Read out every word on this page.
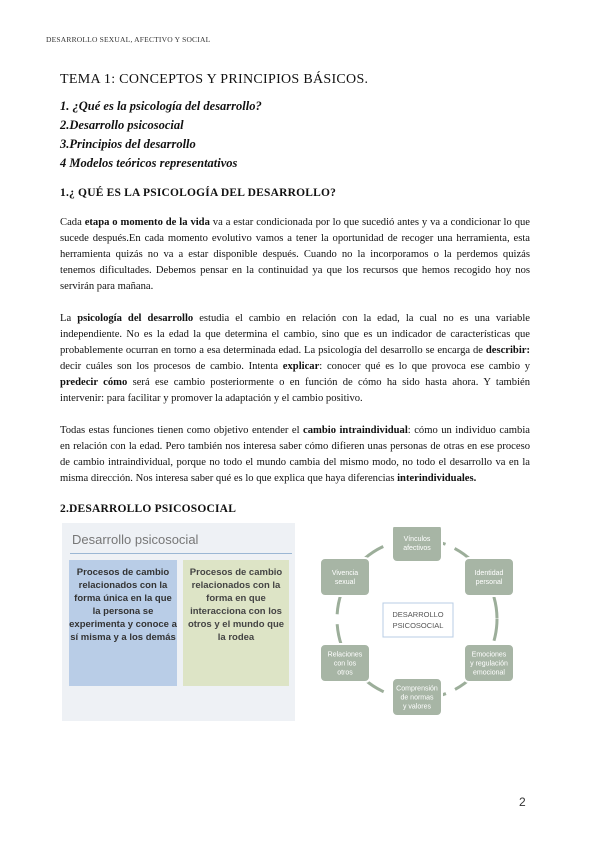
DESARROLLO SEXUAL, AFECTIVO Y SOCIAL
TEMA 1: CONCEPTOS Y PRINCIPIOS BÁSICOS.
1. ¿Qué es la psicología del desarrollo?
2.Desarrollo psicosocial
3.Principios del desarrollo
4 Modelos teóricos representativos
1.¿ QUÉ ES LA PSICOLOGÍA DEL DESARROLLO?

Cada etapa o momento de la vida va a estar condicionada por lo que sucedió antes y va a condicionar lo que sucede después.En cada momento evolutivo vamos a tener la oportunidad de recoger una herramienta, esta herramienta quizás no va a estar disponible después. Cuando no la incorporamos o la perdemos quizás tenemos dificultades. Debemos pensar en la continuidad ya que los recursos que hemos recogido hoy nos servirán para mañana.

La psicología del desarrollo estudia el cambio en relación con la edad, la cual no es una variable independiente. No es la edad la que determina el cambio, sino que es un indicador de características que probablemente ocurran en torno a esa determinada edad. La psicología del desarrollo se encarga de describir: decir cuáles son los procesos de cambio. Intenta explicar: conocer qué es lo que provoca ese cambio y predecir cómo será ese cambio posteriormente o en función de cómo ha sido hasta ahora. Y también intervenir: para facilitar y promover la adaptación y el cambio positivo.

Todas estas funciones tienen como objetivo entender el cambio intraindividual: cómo un individuo cambia en relación con la edad. Pero también nos interesa saber cómo difieren unas personas de otras en ese proceso de cambio intraindividual, porque no todo el mundo cambia del mismo modo, no todo el desarrollo va en la misma dirección. Nos interesa saber qué es lo que explica que haya diferencias interindividuales.

2.DESARROLLO PSICOSOCIAL
Desarrollo psicosocial
Procesos de cambio relacionados con la forma única en la que la persona se experimenta y conoce a sí misma y a los demás
Procesos de cambio relacionados con la forma en que interacciona con los otros y el mundo que la rodea
DESARROLLO
PSICOSOCIAL
Vínculos
afectivos
Identidad
personal
Emociones
y regulación
emocional
Comprensión
de normas
y valores
Relaciones
con los
otros
Vivencia
sexual
2
